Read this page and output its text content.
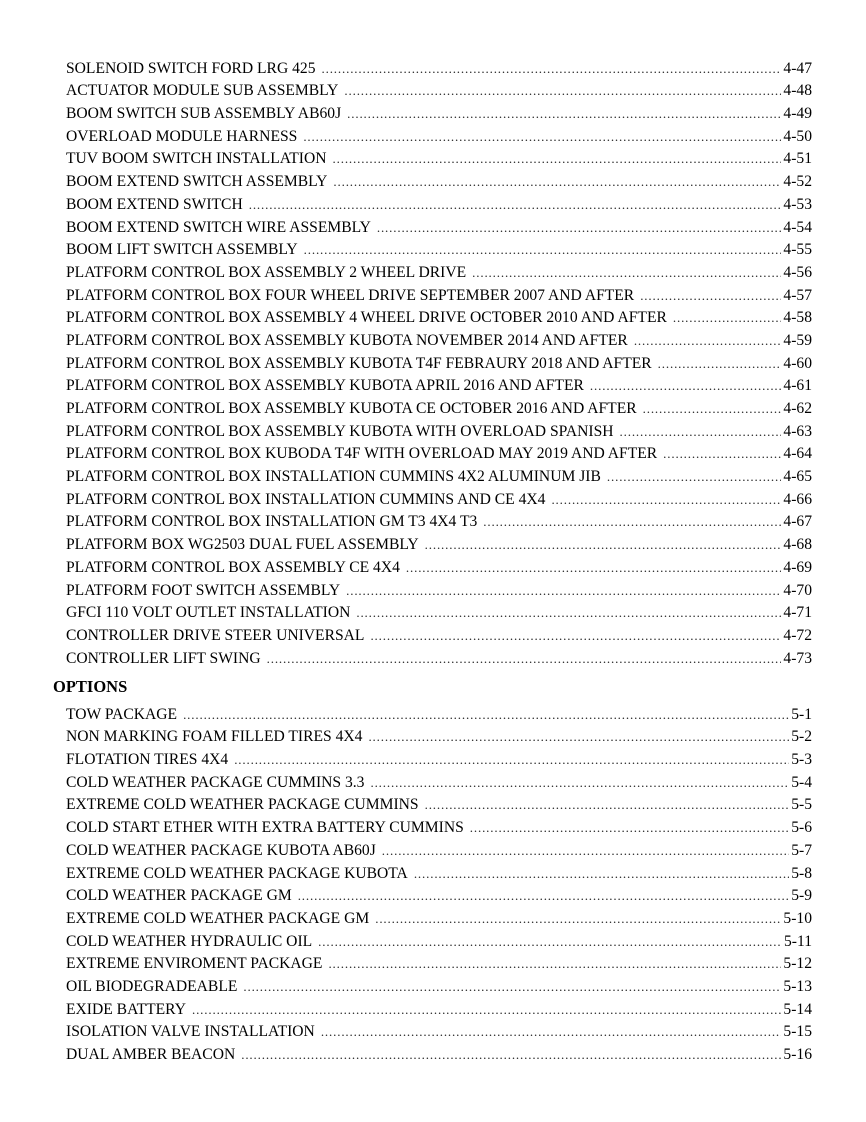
SOLENOID SWITCH FORD LRG 425 . . .	4-47
ACTUATOR MODULE SUB ASSEMBLY . . .	4-48
BOOM SWITCH SUB ASSEMBLY AB60J . . .	4-49
OVERLOAD MODULE HARNESS . . .	4-50
TUV BOOM SWITCH INSTALLATION . . .	4-51
BOOM EXTEND SWITCH ASSEMBLY . . .	4-52
BOOM EXTEND SWITCH . . .	4-53
BOOM EXTEND SWITCH WIRE ASSEMBLY . . .	4-54
BOOM LIFT SWITCH ASSEMBLY . . .	4-55
PLATFORM CONTROL BOX ASSEMBLY 2 WHEEL DRIVE . . .	4-56
PLATFORM CONTROL BOX FOUR WHEEL DRIVE SEPTEMBER 2007 AND AFTER . . .	4-57
PLATFORM CONTROL BOX ASSEMBLY 4 WHEEL DRIVE OCTOBER 2010 AND AFTER . . .	4-58
PLATFORM CONTROL BOX ASSEMBLY KUBOTA NOVEMBER 2014 AND AFTER . . .	4-59
PLATFORM CONTROL BOX ASSEMBLY KUBOTA T4F FEBRAURY 2018 AND AFTER . . .	4-60
PLATFORM CONTROL BOX ASSEMBLY KUBOTA APRIL 2016 AND AFTER . . .	4-61
PLATFORM CONTROL BOX ASSEMBLY KUBOTA CE OCTOBER 2016 AND AFTER . . .	4-62
PLATFORM CONTROL BOX ASSEMBLY KUBOTA WITH OVERLOAD SPANISH . . .	4-63
PLATFORM CONTROL BOX KUBODA T4F WITH OVERLOAD MAY 2019 AND AFTER . . .	4-64
PLATFORM CONTROL BOX INSTALLATION CUMMINS 4X2 ALUMINUM JIB . . .	4-65
PLATFORM CONTROL BOX INSTALLATION CUMMINS AND CE 4X4 . . .	4-66
PLATFORM CONTROL BOX INSTALLATION GM T3 4X4 T3 . . .	4-67
PLATFORM BOX WG2503 DUAL FUEL ASSEMBLY . . .	4-68
PLATFORM CONTROL BOX ASSEMBLY CE 4X4 . . .	4-69
PLATFORM FOOT SWITCH ASSEMBLY . . .	4-70
GFCI 110 VOLT OUTLET INSTALLATION . . .	4-71
CONTROLLER DRIVE STEER UNIVERSAL . . .	4-72
CONTROLLER LIFT SWING . . .	4-73
OPTIONS
TOW PACKAGE . . .	5-1
NON MARKING FOAM FILLED TIRES 4X4 . . .	5-2
FLOTATION TIRES 4X4 . . .	5-3
COLD WEATHER PACKAGE CUMMINS 3.3 . . .	5-4
EXTREME COLD WEATHER PACKAGE CUMMINS . . .	5-5
COLD START ETHER WITH EXTRA BATTERY CUMMINS . . .	5-6
COLD WEATHER PACKAGE KUBOTA AB60J . . .	5-7
EXTREME COLD WEATHER PACKAGE KUBOTA . . .	5-8
COLD WEATHER PACKAGE GM . . .	5-9
EXTREME COLD WEATHER PACKAGE GM . . .	5-10
COLD WEATHER HYDRAULIC OIL . . .	5-11
EXTREME ENVIROMENT PACKAGE . . .	5-12
OIL BIODEGRADEABLE . . .	5-13
EXIDE BATTERY . . .	5-14
ISOLATION VALVE INSTALLATION . . .	5-15
DUAL AMBER BEACON . . .	5-16
